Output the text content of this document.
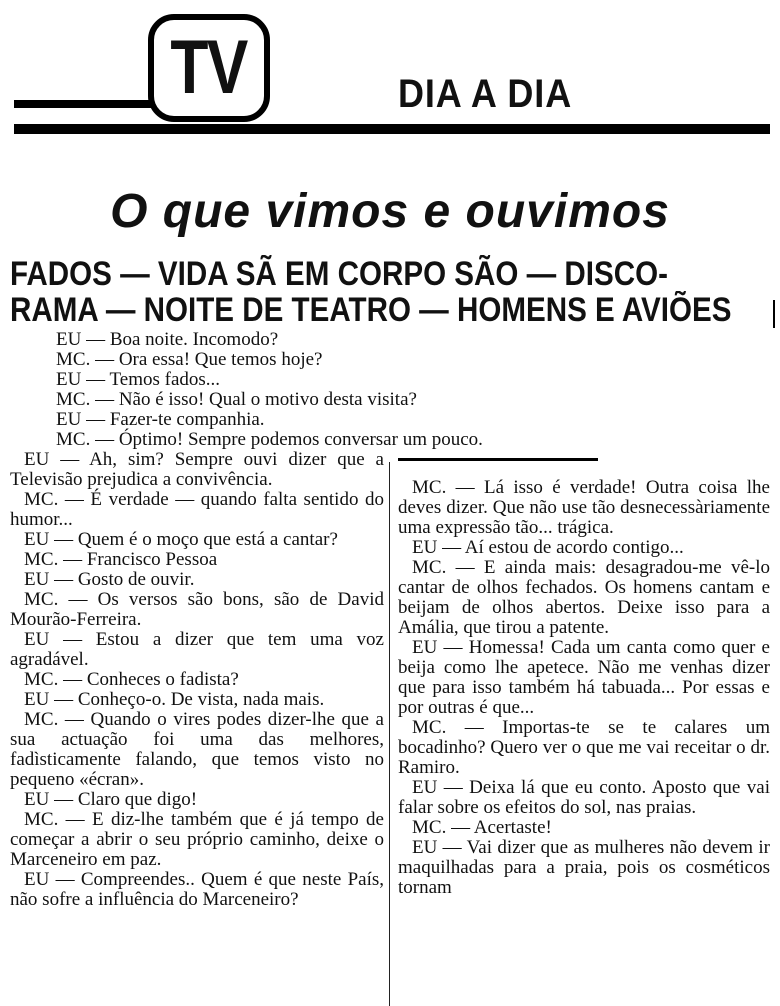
TV	DIA A DIA
O que vimos e ouvimos
FADOS — VIDA SÃ EM CORPO SÃO — DISCO-
RAMA — NOITE DE TEATRO — HOMENS E AVIÕES
EU — Boa noite. Incomodo?
MC. — Ora essa! Que temos hoje?
EU — Temos fados...
MC. — Não é isso! Qual o motivo desta visita?
EU — Fazer-te companhia.
MC. — Óptimo! Sempre podemos conversar um pouco.

EU — Ah, sim? Sempre ouvi dizer que a Televisão prejudica a convivência.

MC. — É verdade — quando falta sentido do humor...

EU — Quem é o moço que está a cantar?

MC. — Francisco Pessoa

EU — Gosto de ouvir.

MC. — Os versos são bons, são de David Mourão-Ferreira.

EU — Estou a dizer que tem uma voz agradável.

MC. — Conheces o fadista?

EU — Conheço-o. De vista, nada mais.

MC. — Quando o vires podes dizer-lhe que a sua actuação foi uma das melhores, fadìsticamente falando, que temos visto no pequeno «écran».

EU — Claro que digo!

MC. — E diz-lhe também que é já tempo de começar a abrir o seu próprio caminho, deixe o Marceneiro em paz.

EU — Compreendes.. Quem é que neste País, não sofre a influência do Marceneiro?

MC. — Lá isso é verdade! Outra coisa lhe deves dizer. Que não use tão desnecessàriamente uma expressão tão... trágica.

EU — Aí estou de acordo contigo...

MC. — E ainda mais: desagradou-me vê-lo cantar de olhos fechados. Os homens cantam e beijam de olhos abertos. Deixe isso para a Amália, que tirou a patente.

EU — Homessa! Cada um canta como quer e beija como lhe apetece. Não me venhas dizer que para isso também há tabuada... Por essas e por outras é que...

MC. — Importas-te se te calares um bocadinho? Quero ver o que me vai receitar o dr. Ramiro.

EU — Deixa lá que eu conto. Aposto que vai falar sobre os efeitos do sol, nas praias.

MC. — Acertaste!

EU — Vai dizer que as mulheres não devem ir maquilhadas para a praia, pois os cosméticos tornam
